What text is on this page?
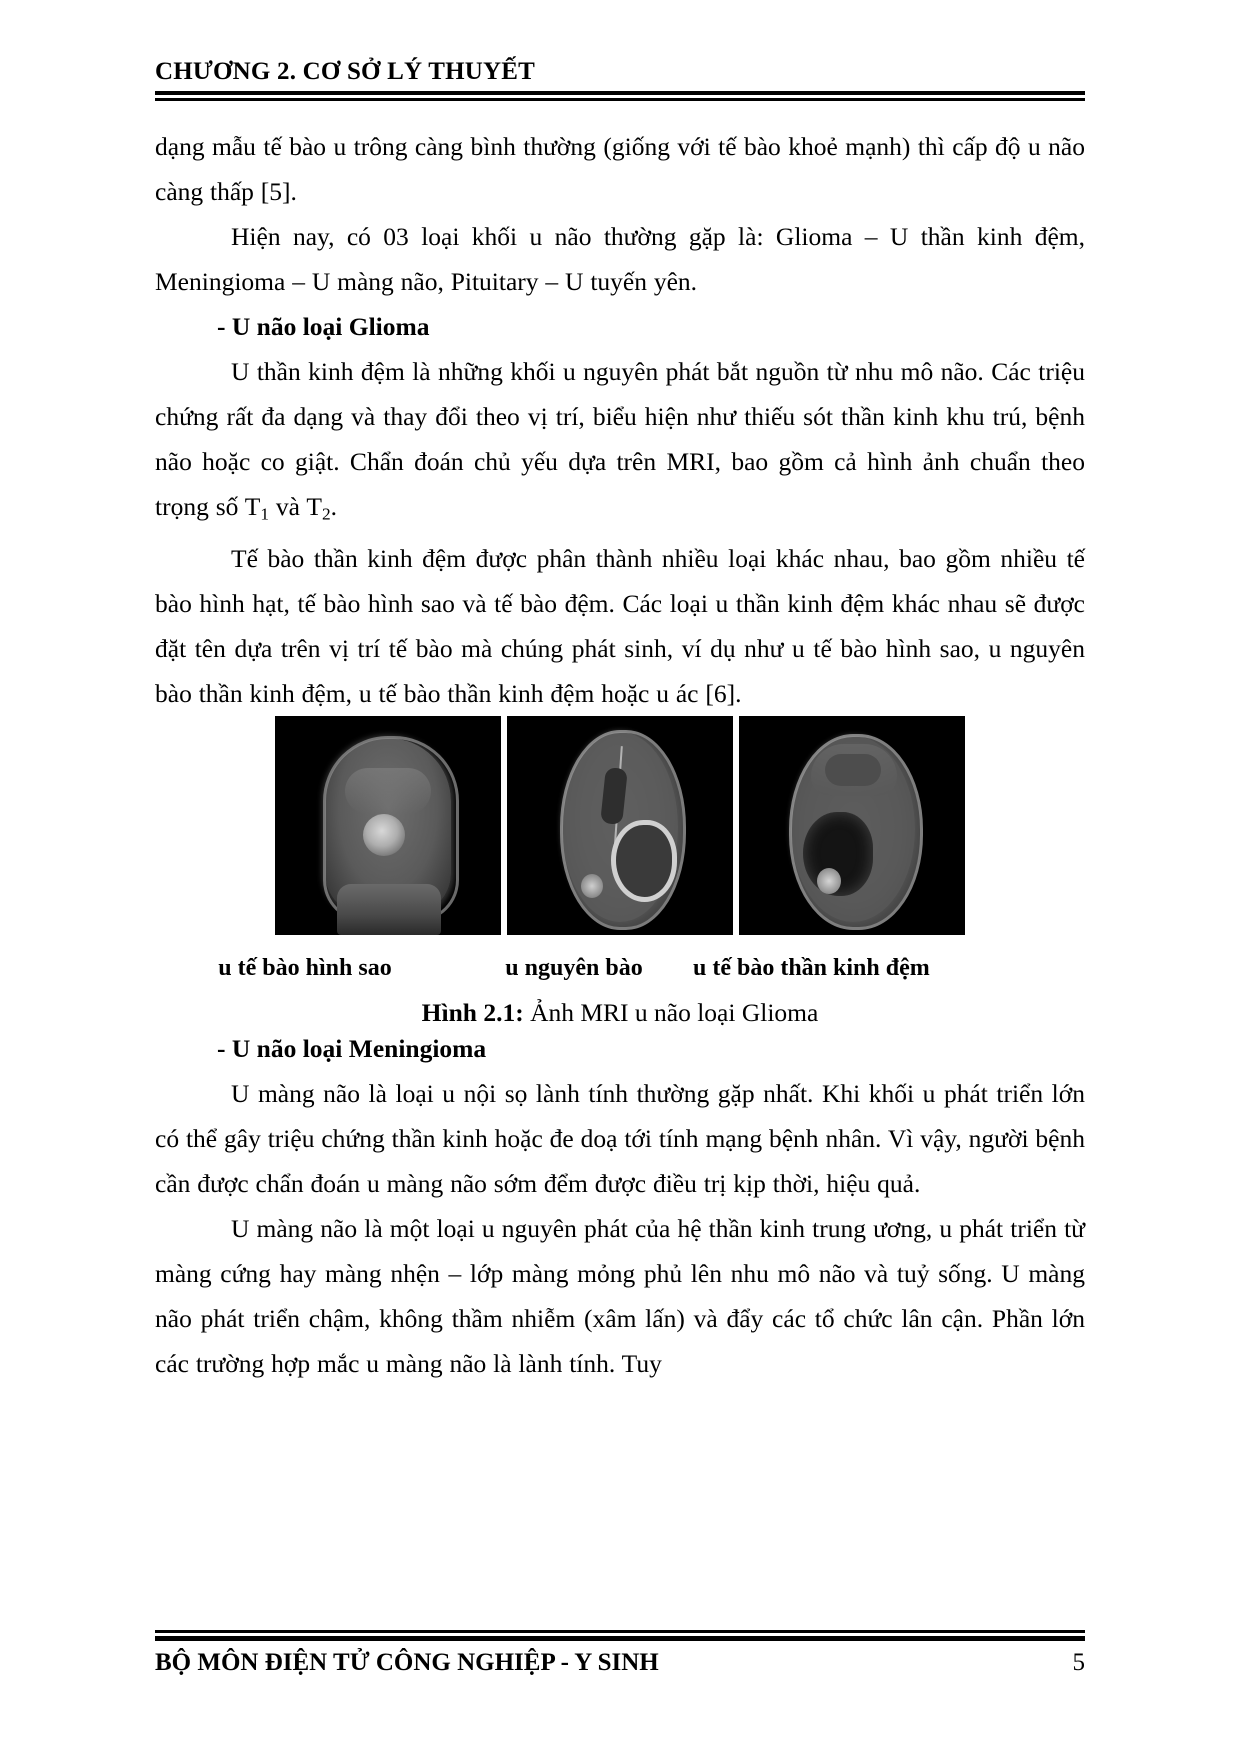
CHƯƠNG 2. CƠ SỞ LÝ THUYẾT

dạng mẫu tế bào u trông càng bình thường (giống với tế bào khoẻ mạnh) thì cấp độ u não càng thấp [5].

Hiện nay, có 03 loại khối u não thường gặp là: Glioma – U thần kinh đệm, Meningioma – U màng não, Pituitary – U tuyến yên.

- U não loại Glioma

U thần kinh đệm là những khối u nguyên phát bắt nguồn từ nhu mô não. Các triệu chứng rất đa dạng và thay đổi theo vị trí, biểu hiện như thiếu sót thần kinh khu trú, bệnh não hoặc co giật. Chẩn đoán chủ yếu dựa trên MRI, bao gồm cả hình ảnh chuẩn theo trọng số $T_1$ và $T_2$.

Tế bào thần kinh đệm được phân thành nhiều loại khác nhau, bao gồm nhiều tế bào hình hạt, tế bào hình sao và tế bào đệm. Các loại u thần kinh đệm khác nhau sẽ được đặt tên dựa trên vị trí tế bào mà chúng phát sinh, ví dụ như u tế bào hình sao, u nguyên bào thần kinh đệm, u tế bào thần kinh đệm hoặc u ác [6].

u tế bào hình sao	u nguyên bào	u tế bào thần kinh đệm
Hình 2.1: Ảnh MRI u não loại Glioma

- U não loại Meningioma

U màng não là loại u nội sọ lành tính thường gặp nhất. Khi khối u phát triển lớn có thể gây triệu chứng thần kinh hoặc đe doạ tới tính mạng bệnh nhân. Vì vậy, người bệnh cần được chẩn đoán u màng não sớm đểm được điều trị kịp thời, hiệu quả.

U màng não là một loại u nguyên phát của hệ thần kinh trung ương, u phát triển từ màng cứng hay màng nhện – lớp màng mỏng phủ lên nhu mô não và tuỷ sống. U màng não phát triển chậm, không thầm nhiễm (xâm lấn) và đẩy các tổ chức lân cận. Phần lớn các trường hợp mắc u màng não là lành tính. Tuy

BỘ MÔN ĐIỆN TỬ CÔNG NGHIỆP - Y SINH	5
